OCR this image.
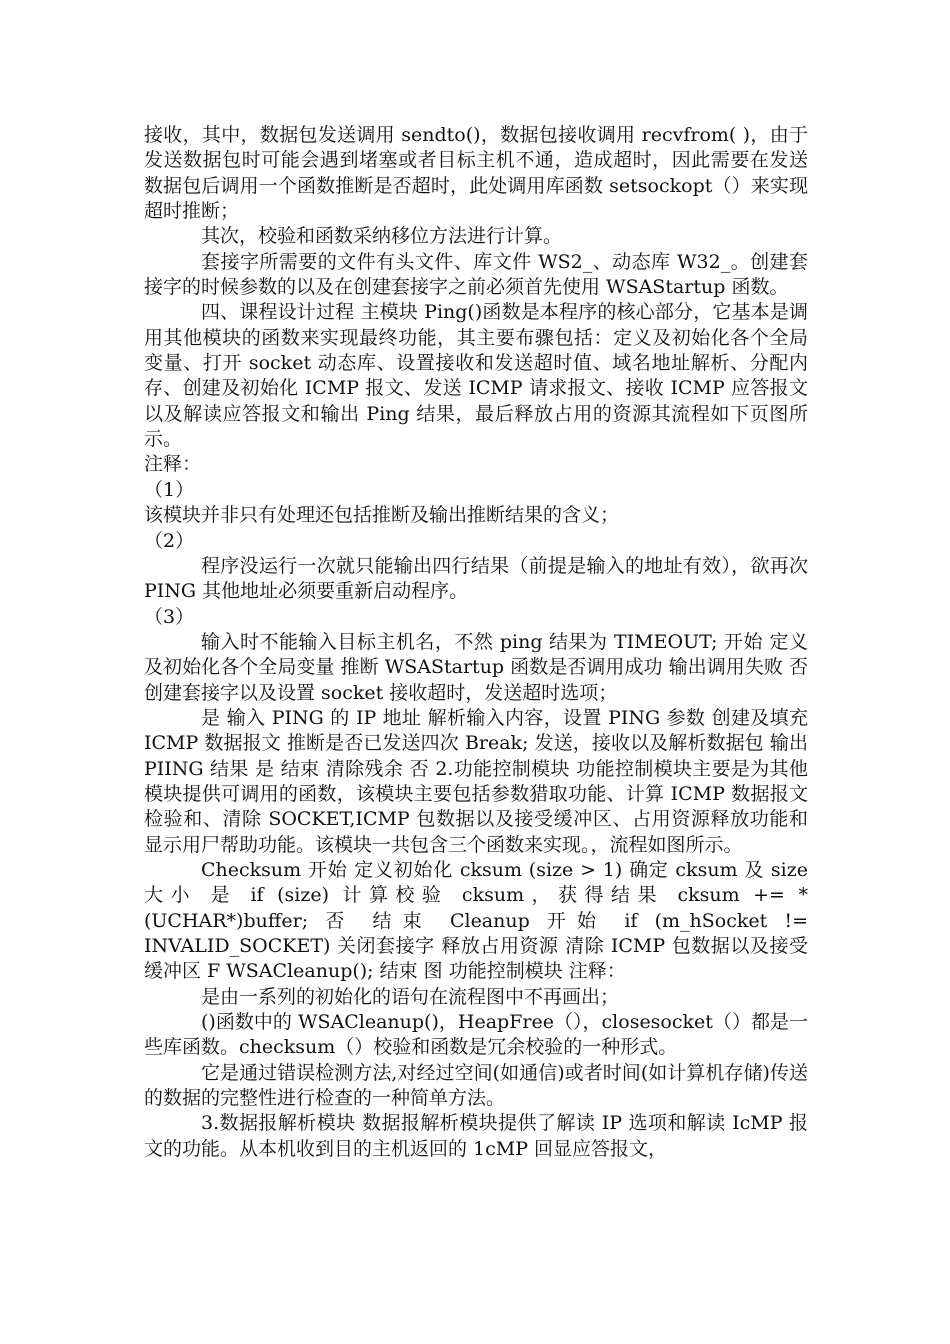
接收，其中，数据包发送调用 sendto()，数据包接收调用 recvfrom( )，由于发送数据包时可能会遇到堵塞或者目标主机不通，造成超时，因此需要在发送数据包后调用一个函数推断是否超时，此处调用库函数 setsockopt（）来实现超时推断；

其次，校验和函数采纳移位方法进行计算。

套接字所需要的文件有头文件、库文件 WS2_、动态库 W32_。创建套接字的时候参数的以及在创建套接字之前必须首先使用 WSAStartup 函数。

四、课程设计过程 主模块 Ping()函数是本程序的核心部分，它基本是调用其他模块的函数来实现最终功能，其主要布骤包括：定义及初始化各个全局变量、打开 socket 动态库、设置接收和发送超时值、域名地址解析、分配内存、创建及初始化 ICMP 报文、发送 ICMP 请求报文、接收 ICMP 应答报文以及解读应答报文和输出 Ping 结果，最后释放占用的资源其流程如下页图所示。

注释：

（1）

该模块并非只有处理还包括推断及输出推断结果的含义；

（2）

程序没运行一次就只能输出四行结果（前提是输入的地址有效），欲再次 PING 其他地址必须要重新启动程序。

（3）

输入时不能输入目标主机名，不然 ping 结果为 TIMEOUT; 开始 定义及初始化各个全局变量 推断 WSAStartup 函数是否调用成功 输出调用失败 否 创建套接字以及设置 socket 接收超时，发送超时选项；

是 输入 PING 的 IP 地址 解析输入内容，设置 PING 参数 创建及填充 ICMP 数据报文 推断是否已发送四次 Break; 发送，接收以及解析数据包 输出 PIING 结果 是 结束 清除残余 否 2.功能控制模块 功能控制模块主要是为其他模块提供可调用的函数，该模块主要包括参数猎取功能、计算 ICMP 数据报文检验和、清除 SOCKET,ICMP 包数据以及接受缓冲区、占用资源释放功能和显示用尸帮助功能。该模块一共包含三个函数来实现。，流程如图所示。

Checksum 开始 定义初始化 cksum (size > 1) 确定 cksum 及 size 大小 是 if (size) 计算校验 cksum，获得结果 cksum += *(UCHAR*)buffer; 否 结束 Cleanup 开始 if (m_hSocket != INVALID_SOCKET) 关闭套接字 释放占用资源 清除 ICMP 包数据以及接受缓冲区 F WSACleanup(); 结束 图 功能控制模块 注释：

是由一系列的初始化的语句在流程图中不再画出；

()函数中的 WSACleanup()，HeapFree（），closesocket（）都是一些库函数。checksum（）校验和函数是冗余校验的一种形式。

它是通过错误检测方法,对经过空间(如通信)或者时间(如计算机存储)传送的数据的完整性进行检查的一种简单方法。

3.数据报解析模块 数据报解析模块提供了解读 IP 选项和解读 IcMP 报文的功能。从本机收到目的主机返回的 1cMP 回显应答报文，
